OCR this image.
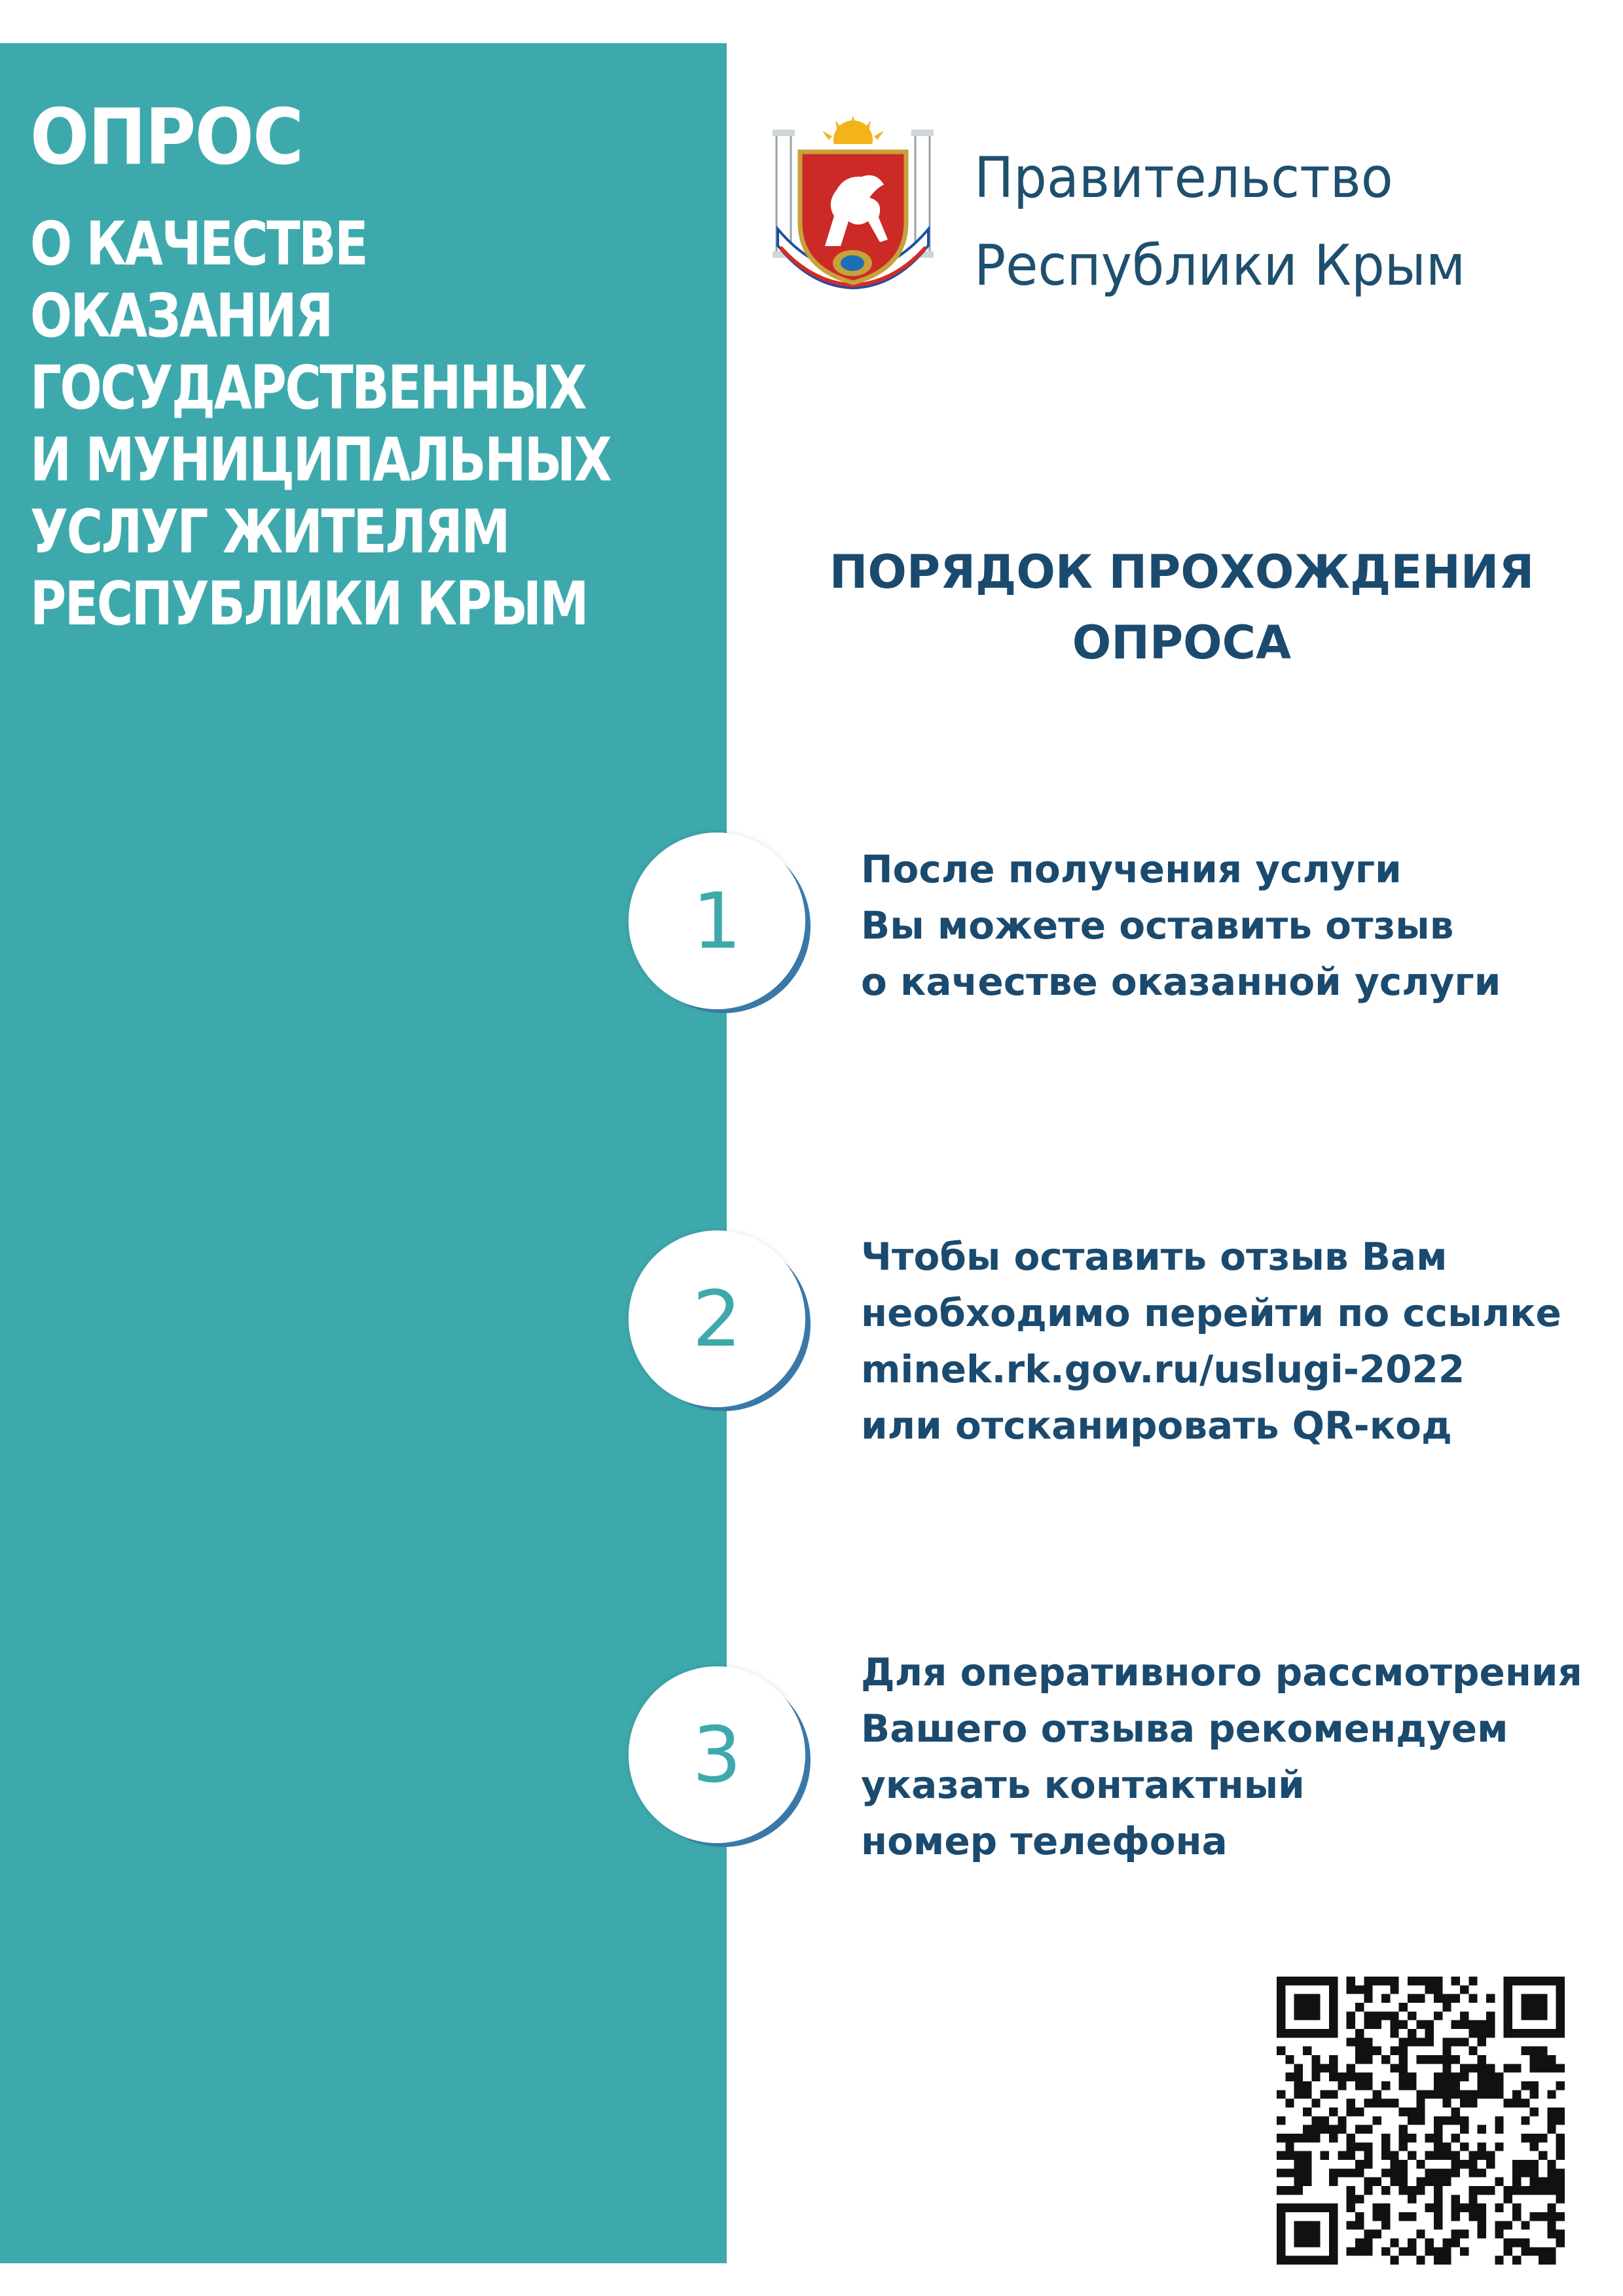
ОПРОС
О КАЧЕСТВЕ
ОКАЗАНИЯ
ГОСУДАРСТВЕННЫХ
И МУНИЦИПАЛЬНЫХ
УСЛУГ ЖИТЕЛЯМ
РЕСПУБЛИКИ КРЫМ
Правительство
Республики Крым
ПОРЯДОК ПРОХОЖДЕНИЯ
ОПРОСА
1
После получения услуги
Вы можете оставить отзыв
о качестве оказанной услуги
2
Чтобы оставить отзыв Вам
необходимо перейти по ссылке
minek.rk.gov.ru/uslugi-2022
или отсканировать QR-код
3
Для оперативного рассмотрения
Вашего отзыва рекомендуем
указать контактный
номер телефона
